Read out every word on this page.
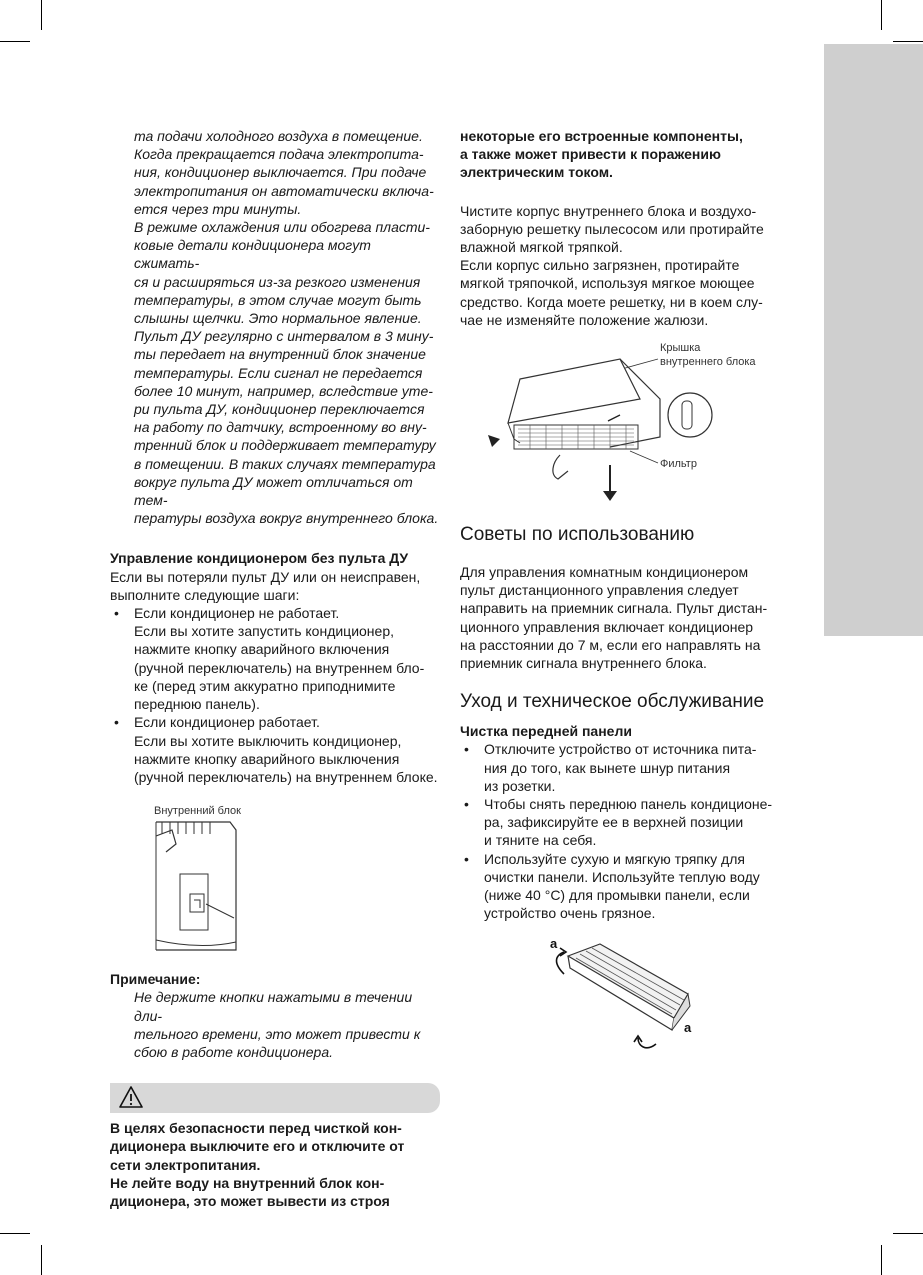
та подачи холодного воздуха в помещение.
Когда прекращается подача электропита-
ния, кондиционер выключается. При подаче
электропитания он автоматически включа-
ется через три минуты.
В режиме охлаждения или обогрева пласти-
ковые детали кондиционера могут сжимать-
ся и расширяться из-за резкого изменения
температуры, в этом случае могут быть
слышны щелчки. Это нормальное явление.
Пульт ДУ регулярно с интервалом в 3 мину-
ты передает на внутренний блок значение
температуры. Если сигнал не передается
более 10 минут, например, вследствие уте-
ри пульта ДУ, кондиционер переключается
на работу по датчику, встроенному во вну-
тренний блок и поддерживает температуру
в помещении. В таких случаях температура
вокруг пульта ДУ может отличаться от тем-
пературы воздуха вокруг внутреннего блока.
Управление кондиционером без пульта ДУ
Если вы потеряли пульт ДУ или он неисправен,
выполните следующие шаги:
• Если кондиционер не работает.
Если вы хотите запустить кондиционер,
нажмите кнопку аварийного включения
(ручной переключатель) на внутреннем бло-
ке (перед этим аккуратно приподнимите
переднюю панель).
• Если кондиционер работает.
Если вы хотите выключить кондиционер,
нажмите кнопку аварийного выключения
(ручной переключатель) на внутреннем блоке.
Внутренний блок
Примечание:
Не держите кнопки нажатыми в течении дли-
тельного времени, это может привести к
сбою в работе кондиционера.
В целях безопасности перед чисткой кон-
диционера выключите его и отключите от
сети электропитания.
Не лейте воду на внутренний блок кон-
диционера, это может вывести из строя
некоторые его встроенные компоненты,
а также может привести к поражению
электрическим током.
Чистите корпус внутреннего блока и воздухо-
заборную решетку пылесосом или протирайте
влажной мягкой тряпкой.
Если корпус сильно загрязнен, протирайте
мягкой тряпочкой, используя мягкое моющее
средство. Когда моете решетку, ни в коем слу-
чае не изменяйте положение жалюзи.
Крышка
внутреннего блока
Фильтр
Советы по использованию
Для управления комнатным кондиционером
пульт дистанционного управления следует
направить на приемник сигнала. Пульт дистан-
ционного управления включает кондиционер
на расстоянии до 7 м, если его направлять на
приемник сигнала внутреннего блока.
Уход и техническое обслуживание
Чистка передней панели
• Отключите устройство от источника пита-
ния до того, как вынете шнур питания
из розетки.
• Чтобы снять переднюю панель кондиционе-
ра, зафиксируйте ее в верхней позиции
и тяните на себя.
• Используйте сухую и мягкую тряпку для
очистки панели. Используйте теплую воду
(ниже 40 °C) для промывки панели, если
устройство очень грязное.
a
a
